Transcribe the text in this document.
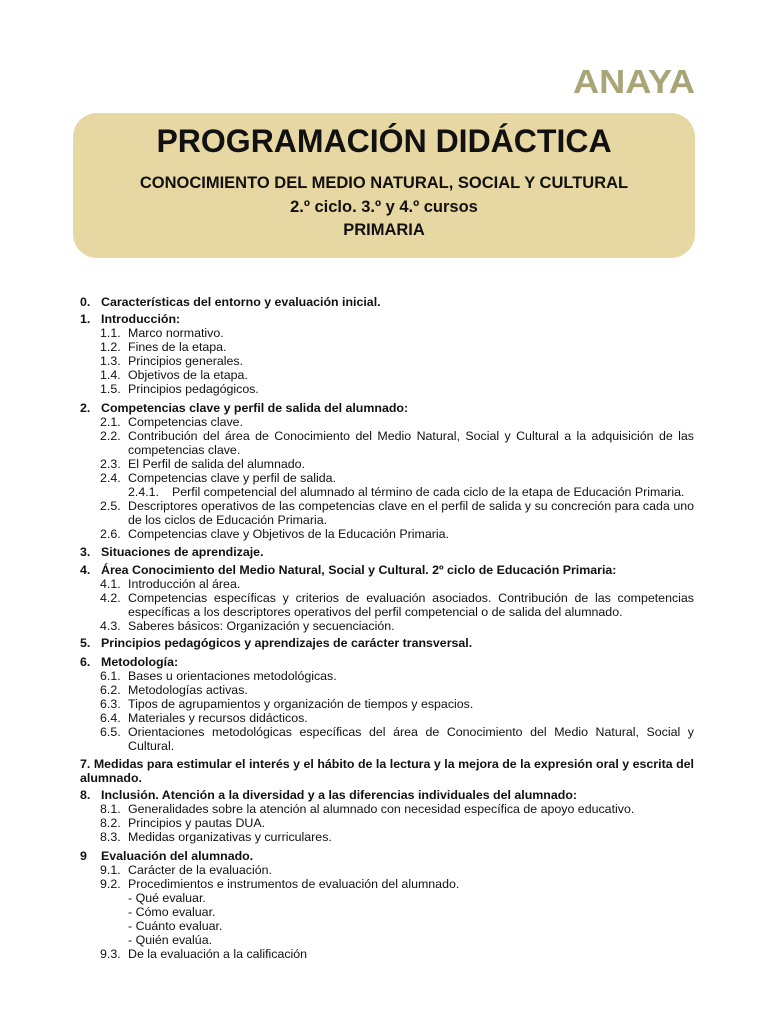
ANAYA
PROGRAMACIÓN DIDÁCTICA
CONOCIMIENTO DEL MEDIO NATURAL, SOCIAL Y CULTURAL
2.º ciclo. 3.º y 4.º cursos
PRIMARIA
0. Características del entorno y evaluación inicial.
1. Introducción:
1.1. Marco normativo.
1.2. Fines de la etapa.
1.3. Principios generales.
1.4. Objetivos de la etapa.
1.5. Principios pedagógicos.
2. Competencias clave y perfil de salida del alumnado:
2.1. Competencias clave.
2.2. Contribución del área de Conocimiento del Medio Natural, Social y Cultural a la adquisición de las competencias clave.
2.3. El Perfil de salida del alumnado.
2.4. Competencias clave y perfil de salida.
2.4.1. Perfil competencial del alumnado al término de cada ciclo de la etapa de Educación Primaria.
2.5. Descriptores operativos de las competencias clave en el perfil de salida y su concreción para cada uno de los ciclos de Educación Primaria.
2.6. Competencias clave y Objetivos de la Educación Primaria.
3. Situaciones de aprendizaje.
4. Área Conocimiento del Medio Natural, Social y Cultural. 2º ciclo de Educación Primaria:
4.1. Introducción al área.
4.2. Competencias específicas y criterios de evaluación asociados. Contribución de las competencias específicas a los descriptores operativos del perfil competencial o de salida del alumnado.
4.3. Saberes básicos: Organización y secuenciación.
5. Principios pedagógicos y aprendizajes de carácter transversal.
6. Metodología:
6.1. Bases u orientaciones metodológicas.
6.2. Metodologías activas.
6.3. Tipos de agrupamientos y organización de tiempos y espacios.
6.4. Materiales y recursos didácticos.
6.5. Orientaciones metodológicas específicas del área de Conocimiento del Medio Natural, Social y Cultural.
7. Medidas para estimular el interés y el hábito de la lectura y la mejora de la expresión oral y escrita del alumnado.
8. Inclusión. Atención a la diversidad y a las diferencias individuales del alumnado:
8.1. Generalidades sobre la atención al alumnado con necesidad específica de apoyo educativo.
8.2. Principios y pautas DUA.
8.3. Medidas organizativas y curriculares.
9 Evaluación del alumnado.
9.1. Carácter de la evaluación.
9.2. Procedimientos e instrumentos de evaluación del alumnado.
- Qué evaluar.
- Cómo evaluar.
- Cuánto evaluar.
- Quién evalúa.
9.3. De la evaluación a la calificación
